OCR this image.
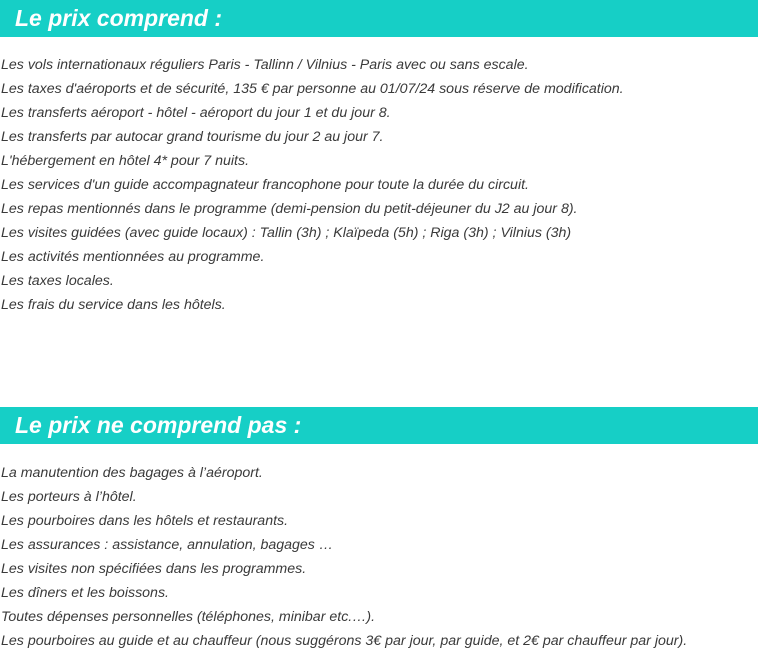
Le prix comprend :
Les vols internationaux réguliers Paris - Tallinn / Vilnius - Paris avec ou sans escale.
Les taxes d'aéroports et de sécurité, 135 € par personne au 01/07/24 sous réserve de modification.
Les transferts aéroport - hôtel - aéroport du jour 1 et du jour 8.
Les transferts par autocar grand tourisme du jour 2 au jour 7.
L'hébergement en hôtel 4* pour 7 nuits.
Les services d'un guide accompagnateur francophone pour toute la durée du circuit.
Les repas mentionnés dans le programme (demi-pension du petit-déjeuner du J2 au jour 8).
Les visites guidées (avec guide locaux) : Tallin (3h) ; Klaïpeda (5h) ; Riga (3h) ; Vilnius (3h)
Les activités mentionnées au programme.
Les taxes locales.
Les frais du service dans les hôtels.
Le prix ne comprend pas :
La manutention des bagages à l’aéroport.
Les porteurs à l’hôtel.
Les pourboires dans les hôtels et restaurants.
Les assurances : assistance, annulation, bagages …
Les visites non spécifiées dans les programmes.
Les dîners et les boissons.
Toutes dépenses personnelles (téléphones, minibar etc.…).
Les pourboires au guide et au chauffeur (nous suggérons 3€ par jour, par guide, et 2€ par chauffeur par jour).
